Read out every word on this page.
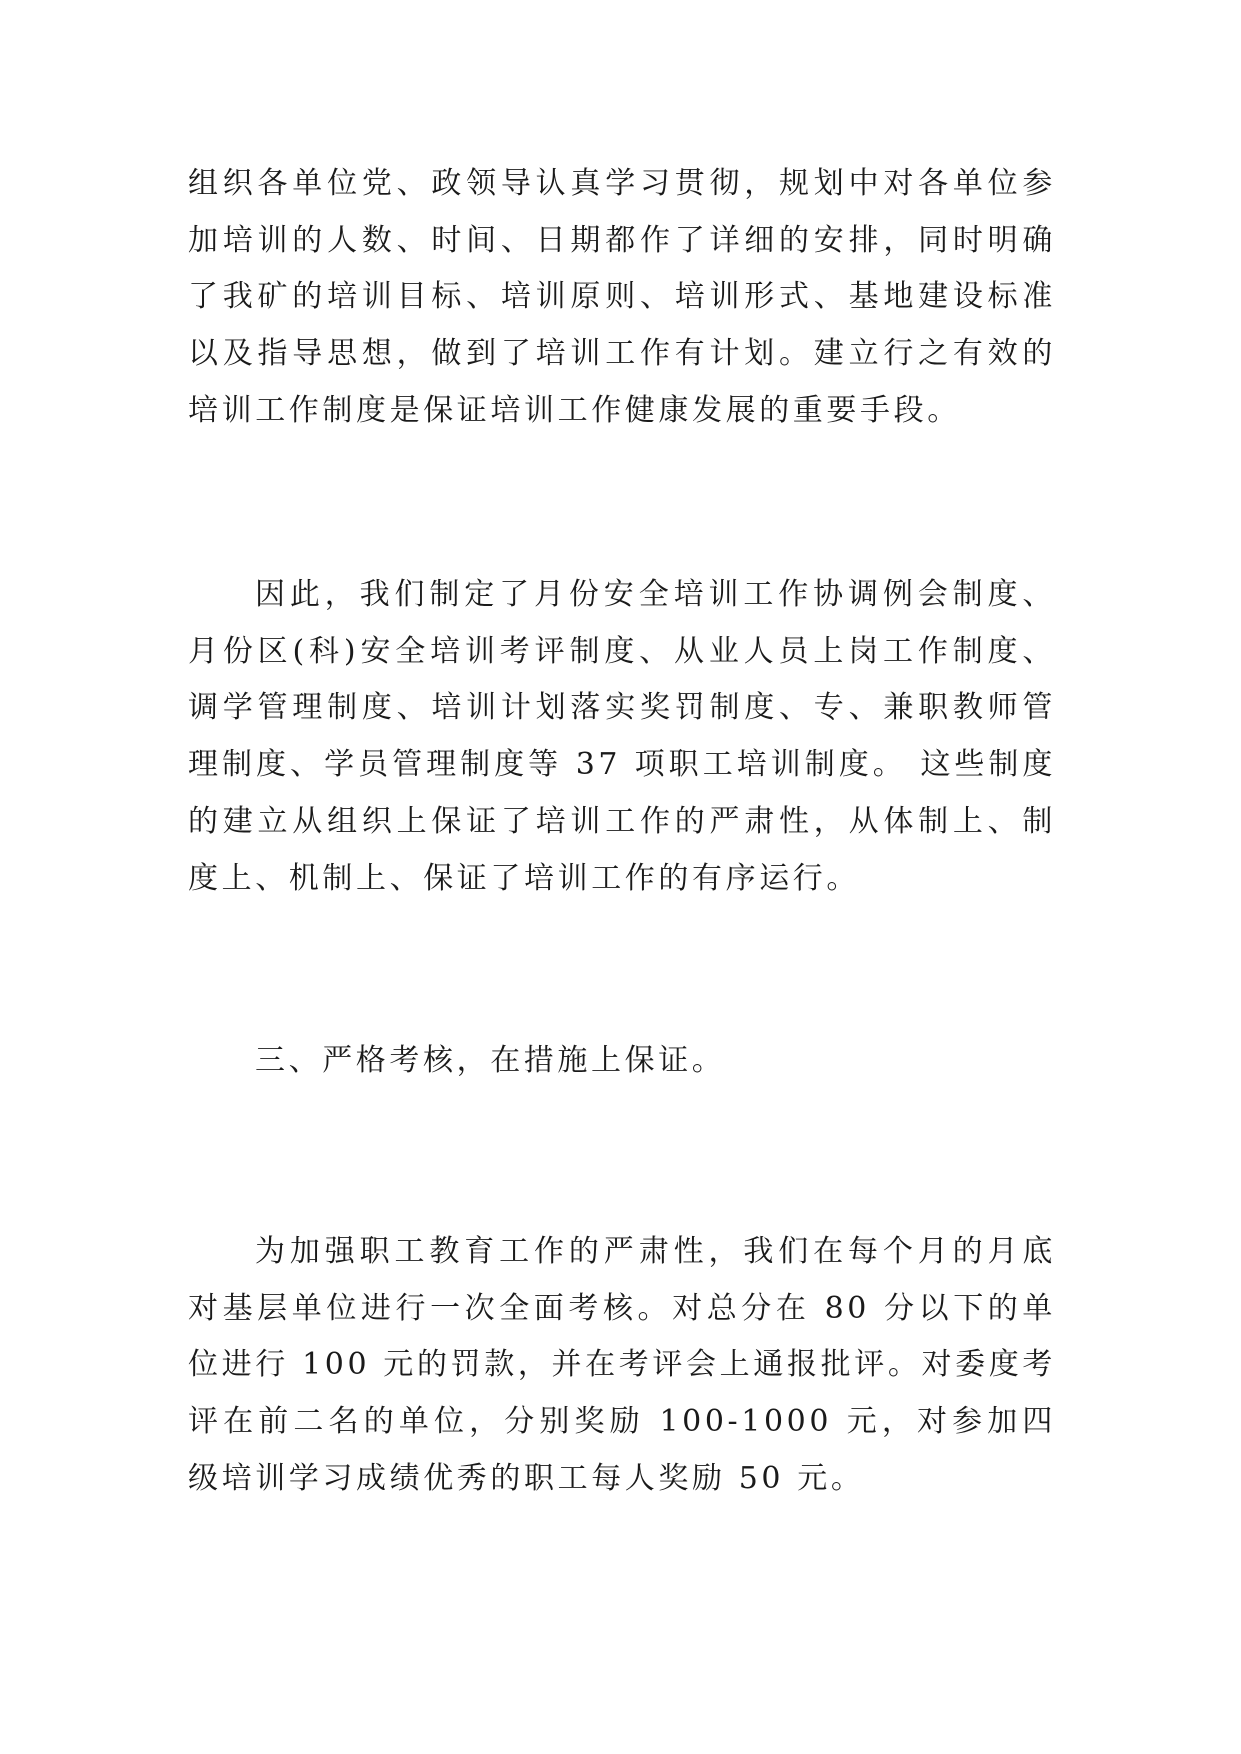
组织各单位党、政领导认真学习贯彻，规划中对各单位参加培训的人数、时间、日期都作了详细的安排，同时明确了我矿的培训目标、培训原则、培训形式、基地建设标准以及指导思想，做到了培训工作有计划。建立行之有效的培训工作制度是保证培训工作健康发展的重要手段。

因此，我们制定了月份安全培训工作协调例会制度、月份区(科)安全培训考评制度、从业人员上岗工作制度、调学管理制度、培训计划落实奖罚制度、专、兼职教师管理制度、学员管理制度等 37 项职工培训制度。 这些制度的建立从组织上保证了培训工作的严肃性，从体制上、制度上、机制上、保证了培训工作的有序运行。

三、严格考核，在措施上保证。

为加强职工教育工作的严肃性，我们在每个月的月底对基层单位进行一次全面考核。对总分在 80 分以下的单位进行 100 元的罚款，并在考评会上通报批评。对委度考评在前二名的单位，分别奖励 100-1000 元，对参加四级培训学习成绩优秀的职工每人奖励 50 元。
